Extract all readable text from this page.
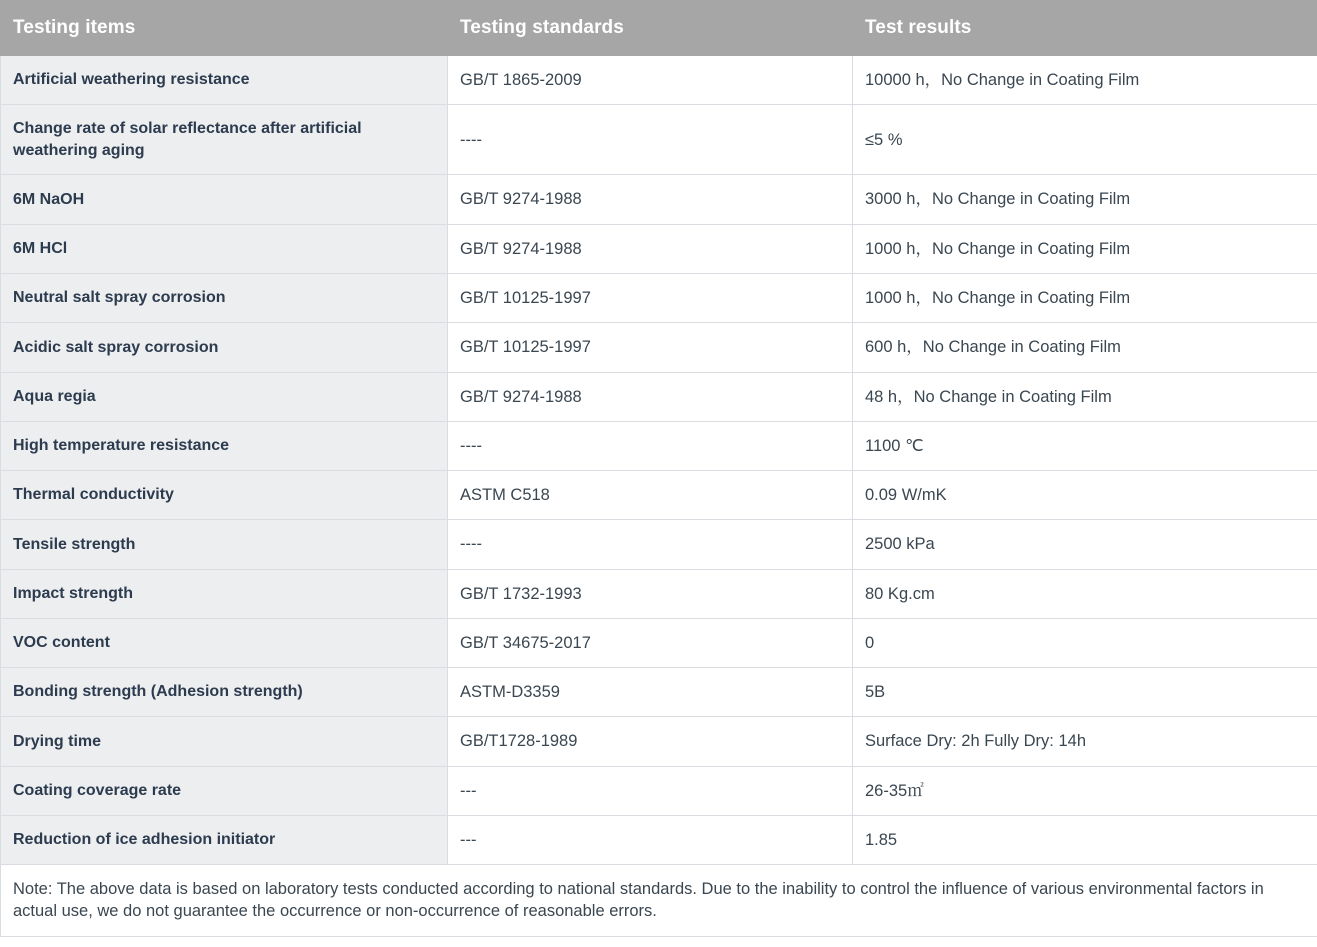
Testing items	Testing standards	Test results
Artificial weathering resistance	GB/T 1865-2009	10000 h，No Change in Coating Film
Change rate of solar reflectance after artificial weathering aging	----	≤5 %
6M NaOH	GB/T 9274-1988	3000 h，No Change in Coating Film
6M HCl	GB/T 9274-1988	1000 h，No Change in Coating Film
Neutral salt spray corrosion	GB/T 10125-1997	1000 h，No Change in Coating Film
Acidic salt spray corrosion	GB/T 10125-1997	600 h，No Change in Coating Film
Aqua regia	GB/T 9274-1988	48 h，No Change in Coating Film
High temperature resistance	----	1100 ℃
Thermal conductivity	ASTM C518	0.09 W/mK
Tensile strength	----	2500 kPa
Impact strength	GB/T 1732-1993	80 Kg.cm
VOC content	GB/T 34675-2017	0
Bonding strength (Adhesion strength)	ASTM-D3359	5B
Drying time	GB/T1728-1989	Surface Dry: 2h Fully Dry: 14h
Coating coverage rate	---	26-35㎡
Reduction of ice adhesion initiator	---	1.85
Note: The above data is based on laboratory tests conducted according to national standards. Due to the inability to control the influence of various environmental factors in actual use, we do not guarantee the occurrence or non-occurrence of reasonable errors.		
